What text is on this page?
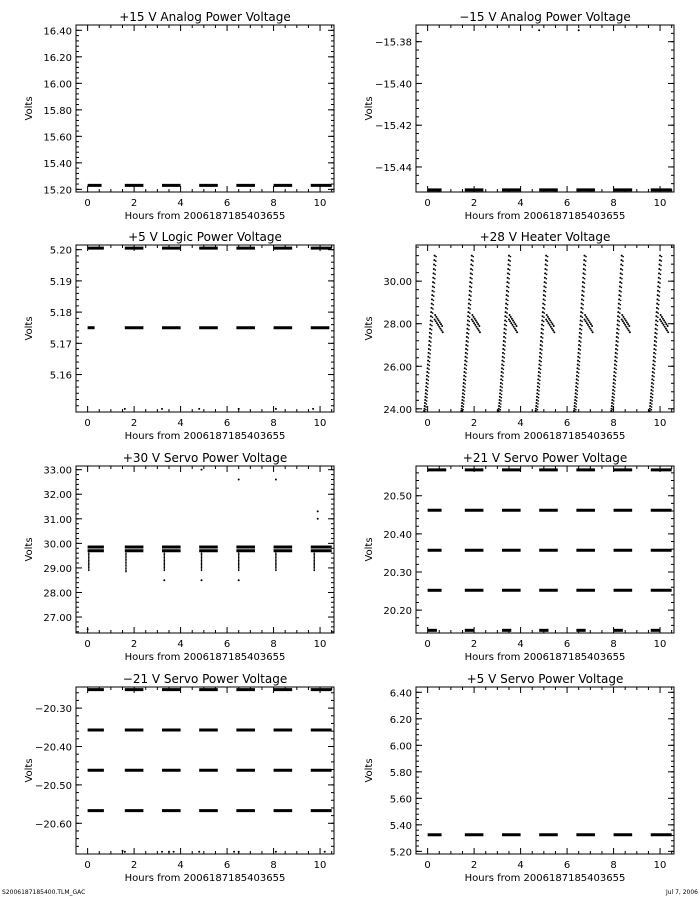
+15 V Analog Power Voltage
0	2	4	6	8	10
15.20
15.40
15.60
15.80
16.00
16.20
16.40
Hours from 2006187185403655
Volts
−15 V Analog Power Voltage
0	2	4	6	8	10
−15.44
−15.42
−15.40
−15.38
Hours from 2006187185403655
Volts
+5 V Logic Power Voltage
0	2	4	6	8	10
5.16
5.17
5.18
5.19
5.20
Hours from 2006187185403655
Volts
+28 V Heater Voltage
0	2	4	6	8	10
24.00
26.00
28.00
30.00
Hours from 2006187185403655
Volts
+30 V Servo Power Voltage
0	2	4	6	8	10
27.00
28.00
29.00
30.00
31.00
32.00
33.00
Hours from 2006187185403655
Volts
+21 V Servo Power Voltage
0	2	4	6	8	10
20.20
20.30
20.40
20.50
Hours from 2006187185403655
Volts
−21 V Servo Power Voltage
0	2	4	6	8	10
−20.60
−20.50
−20.40
−20.30
Hours from 2006187185403655
Volts
+5 V Servo Power Voltage
0	2	4	6	8	10
5.20
5.40
5.60
5.80
6.00
6.20
6.40
Hours from 2006187185403655
Volts
S2006187185400.TLM_GAC	Jul 7, 2006
